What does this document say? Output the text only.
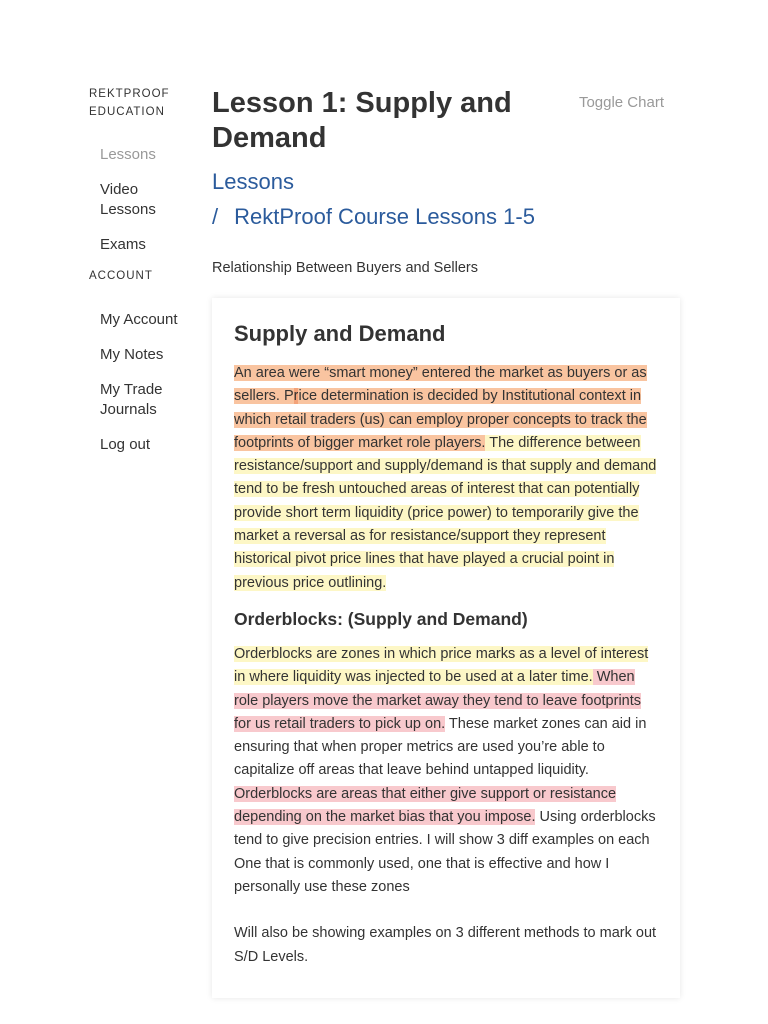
REKTPROOF EDUCATION
Lessons
Video Lessons
Exams
ACCOUNT
My Account
My Notes
My Trade Journals
Log out
Lesson 1: Supply and Demand
Toggle Chart
Lessons
/ RektProof Course Lessons 1-5
Relationship Between Buyers and Sellers
Supply and Demand

An area were “smart money” entered the market as buyers or as sellers. Price determination is decided by Institutional context in which retail traders (us) can employ proper concepts to track the footprints of bigger market role players. The difference between resistance/support and supply/demand is that supply and demand tend to be fresh untouched areas of interest that can potentially provide short term liquidity (price power) to temporarily give the market a reversal as for resistance/support they represent historical pivot price lines that have played a crucial point in previous price outlining.

Orderblocks: (Supply and Demand)

Orderblocks are zones in which price marks as a level of interest in where liquidity was injected to be used at a later time. When role players move the market away they tend to leave footprints for us retail traders to pick up on. These market zones can aid in ensuring that when proper metrics are used you’re able to capitalize off areas that leave behind untapped liquidity. Orderblocks are areas that either give support or resistance depending on the market bias that you impose. Using orderblocks tend to give precision entries. I will show 3 diff examples on each One that is commonly used, one that is effective and how I personally use these zones

Will also be showing examples on 3 different methods to mark out S/D Levels.
